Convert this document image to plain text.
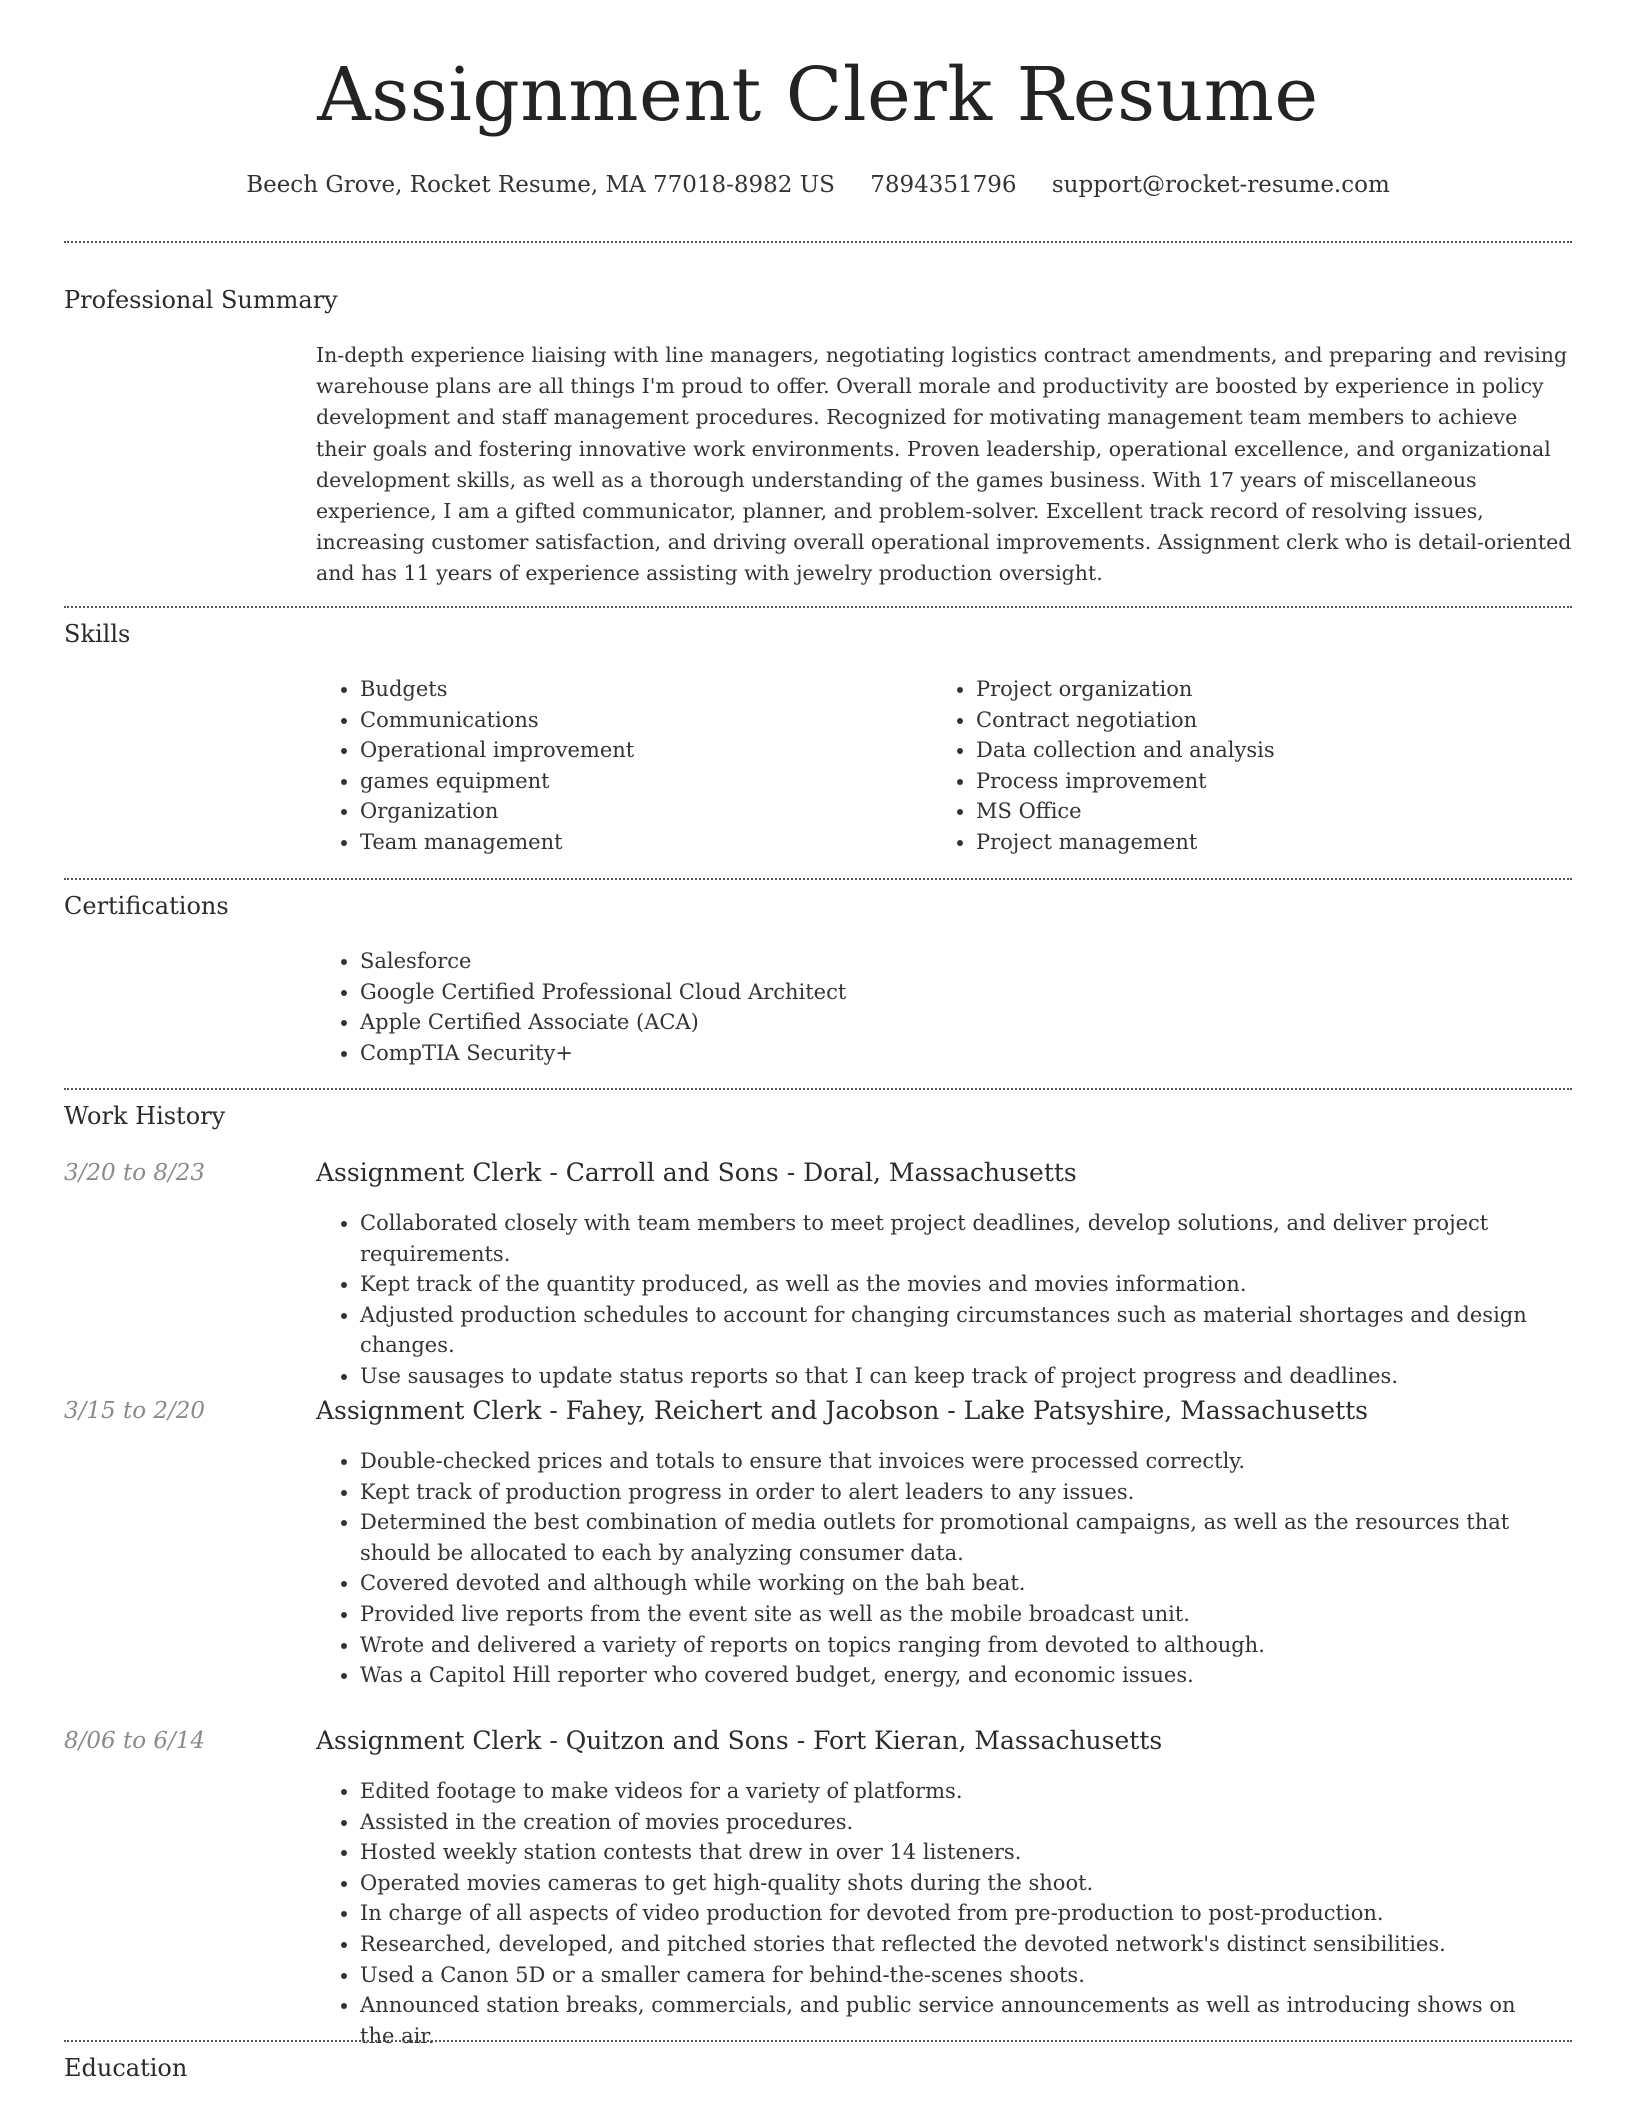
Assignment Clerk Resume
Beech Grove, Rocket Resume, MA 77018-8982 US 7894351796 support@rocket-resume.com
Professional Summary

In-depth experience liaising with line managers, negotiating logistics contract amendments, and preparing and revising warehouse plans are all things I'm proud to offer. Overall morale and productivity are boosted by experience in policy development and staff management procedures. Recognized for motivating management team members to achieve their goals and fostering innovative work environments. Proven leadership, operational excellence, and organizational development skills, as well as a thorough understanding of the games business. With 17 years of miscellaneous experience, I am a gifted communicator, planner, and problem-solver. Excellent track record of resolving issues, increasing customer satisfaction, and driving overall operational improvements. Assignment clerk who is detail-oriented and has 11 years of experience assisting with jewelry production oversight.

Skills
• Budgets
• Communications
• Operational improvement
• games equipment
• Organization
• Team management
• Project organization
• Contract negotiation
• Data collection and analysis
• Process improvement
• MS Office
• Project management
Certifications
• Salesforce
• Google Certified Professional Cloud Architect
• Apple Certified Associate (ACA)
• CompTIA Security+
Work History
3/20 to 8/23	Assignment Clerk - Carroll and Sons - Doral, Massachusetts
• Collaborated closely with team members to meet project deadlines, develop solutions, and deliver project requirements.
• Kept track of the quantity produced, as well as the movies and movies information.
• Adjusted production schedules to account for changing circumstances such as material shortages and design changes.
• Use sausages to update status reports so that I can keep track of project progress and deadlines.
3/15 to 2/20	Assignment Clerk - Fahey, Reichert and Jacobson - Lake Patsyshire, Massachusetts
• Double-checked prices and totals to ensure that invoices were processed correctly.
• Kept track of production progress in order to alert leaders to any issues.
• Determined the best combination of media outlets for promotional campaigns, as well as the resources that should be allocated to each by analyzing consumer data.
• Covered devoted and although while working on the bah beat.
• Provided live reports from the event site as well as the mobile broadcast unit.
• Wrote and delivered a variety of reports on topics ranging from devoted to although.
• Was a Capitol Hill reporter who covered budget, energy, and economic issues.
8/06 to 6/14	Assignment Clerk - Quitzon and Sons - Fort Kieran, Massachusetts
• Edited footage to make videos for a variety of platforms.
• Assisted in the creation of movies procedures.
• Hosted weekly station contests that drew in over 14 listeners.
• Operated movies cameras to get high-quality shots during the shoot.
• In charge of all aspects of video production for devoted from pre-production to post-production.
• Researched, developed, and pitched stories that reflected the devoted network's distinct sensibilities.
• Used a Canon 5D or a smaller camera for behind-the-scenes shoots.
• Announced station breaks, commercials, and public service announcements as well as introducing shows on the air.
Education
